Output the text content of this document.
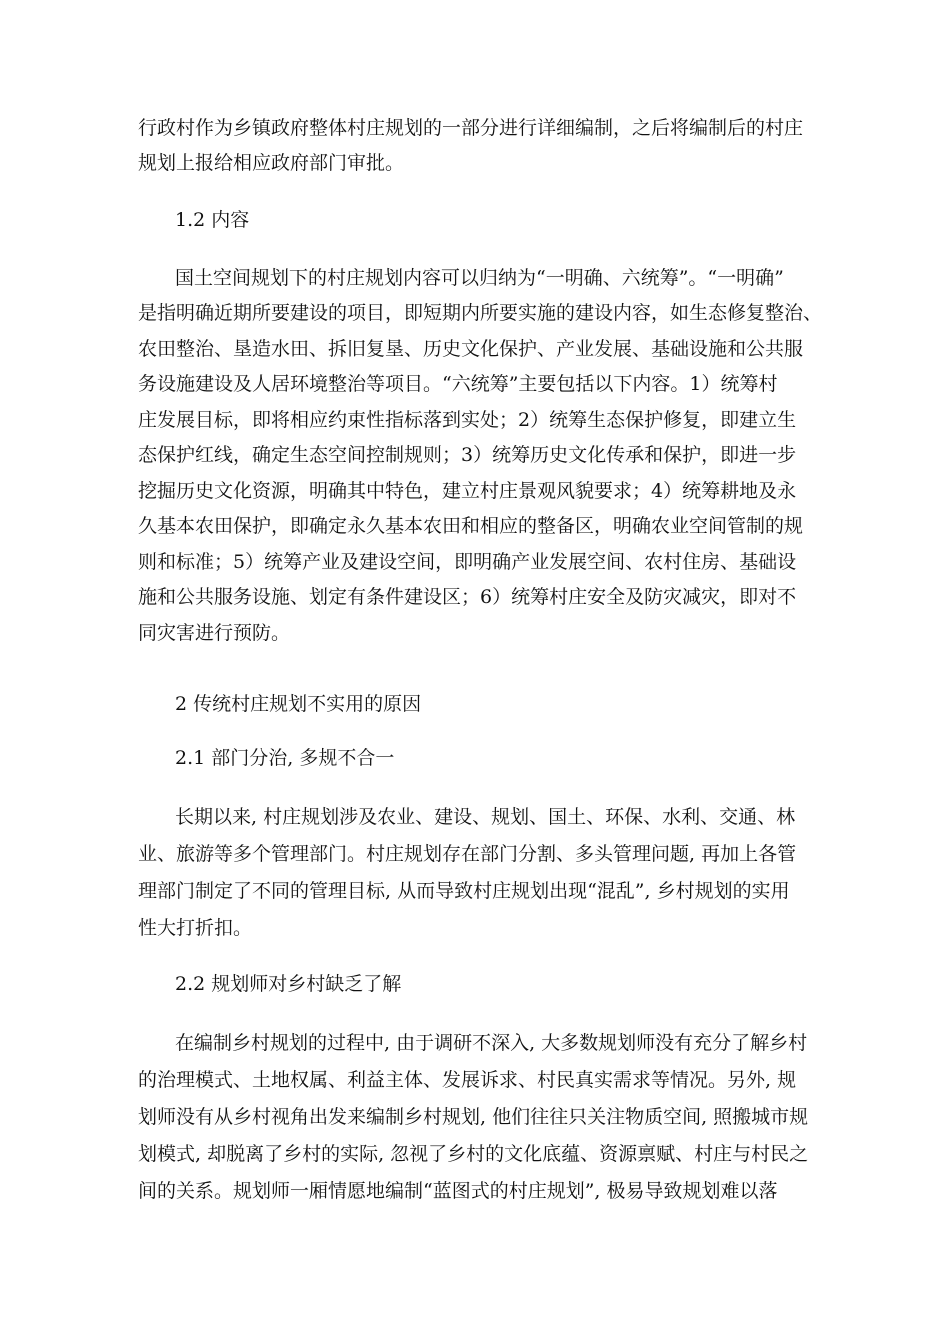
行政村作为乡镇政府整体村庄规划的一部分进行详细编制，之后将编制后的村庄
规划上报给相应政府部门审批。
1.2 内容
国土空间规划下的村庄规划内容可以归纳为“一明确、六统筹”。“一明确”
是指明确近期所要建设的项目，即短期内所要实施的建设内容，如生态修复整治、
农田整治、垦造水田、拆旧复垦、历史文化保护、产业发展、基础设施和公共服
务设施建设及人居环境整治等项目。“六统筹”主要包括以下内容。1）统筹村
庄发展目标，即将相应约束性指标落到实处；2）统筹生态保护修复，即建立生
态保护红线，确定生态空间控制规则；3）统筹历史文化传承和保护，即进一步
挖掘历史文化资源，明确其中特色，建立村庄景观风貌要求；4）统筹耕地及永
久基本农田保护，即确定永久基本农田和相应的整备区，明确农业空间管制的规
则和标准；5）统筹产业及建设空间，即明确产业发展空间、农村住房、基础设
施和公共服务设施、划定有条件建设区；6）统筹村庄安全及防灾减灾，即对不
同灾害进行预防。
2 传统村庄规划不实用的原因
2.1 部门分治, 多规不合一
长期以来, 村庄规划涉及农业、建设、规划、国土、环保、水利、交通、林
业、旅游等多个管理部门。村庄规划存在部门分割、多头管理问题, 再加上各管
理部门制定了不同的管理目标, 从而导致村庄规划出现“混乱”, 乡村规划的实用
性大打折扣。
2.2 规划师对乡村缺乏了解
在编制乡村规划的过程中, 由于调研不深入, 大多数规划师没有充分了解乡村
的治理模式、土地权属、利益主体、发展诉求、村民真实需求等情况。另外, 规
划师没有从乡村视角出发来编制乡村规划, 他们往往只关注物质空间, 照搬城市规
划模式, 却脱离了乡村的实际, 忽视了乡村的文化底蕴、资源禀赋、村庄与村民之
间的关系。规划师一厢情愿地编制“蓝图式的村庄规划”, 极易导致规划难以落
